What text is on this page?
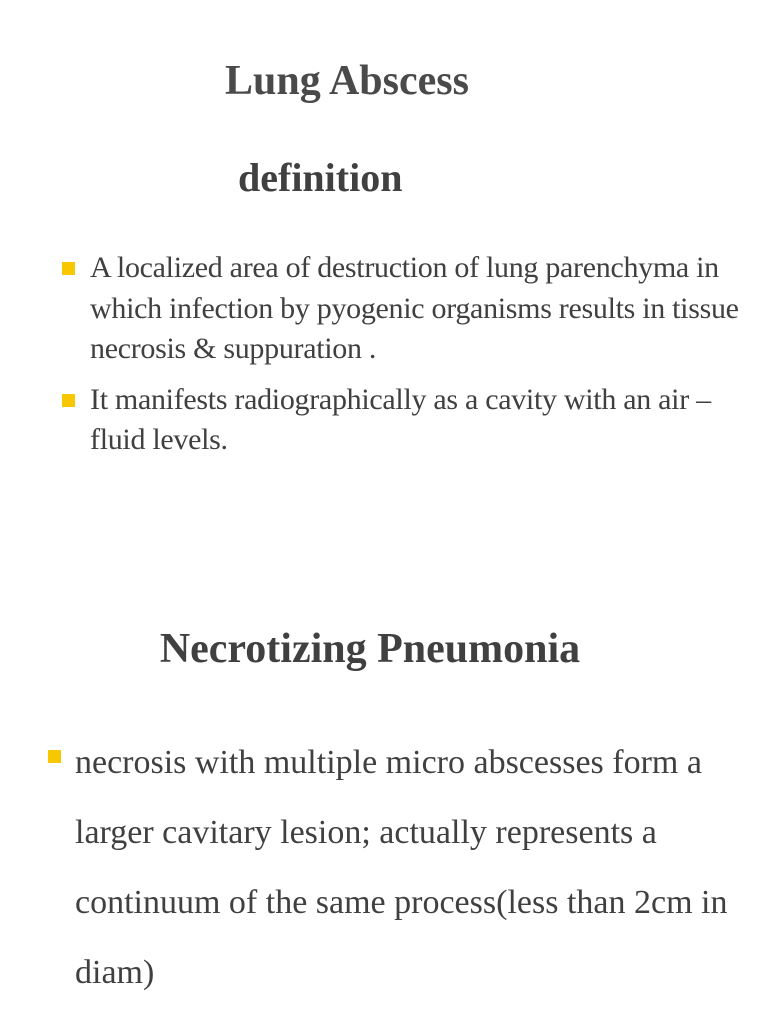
Lung Abscess
definition
A localized area of destruction of lung parenchyma in which infection by pyogenic organisms results in tissue necrosis & suppuration .
It manifests radiographically as a cavity with an air – fluid levels.
Necrotizing Pneumonia
necrosis with multiple micro abscesses form a larger cavitary lesion; actually represents a continuum of the same process(less than 2cm in diam)
